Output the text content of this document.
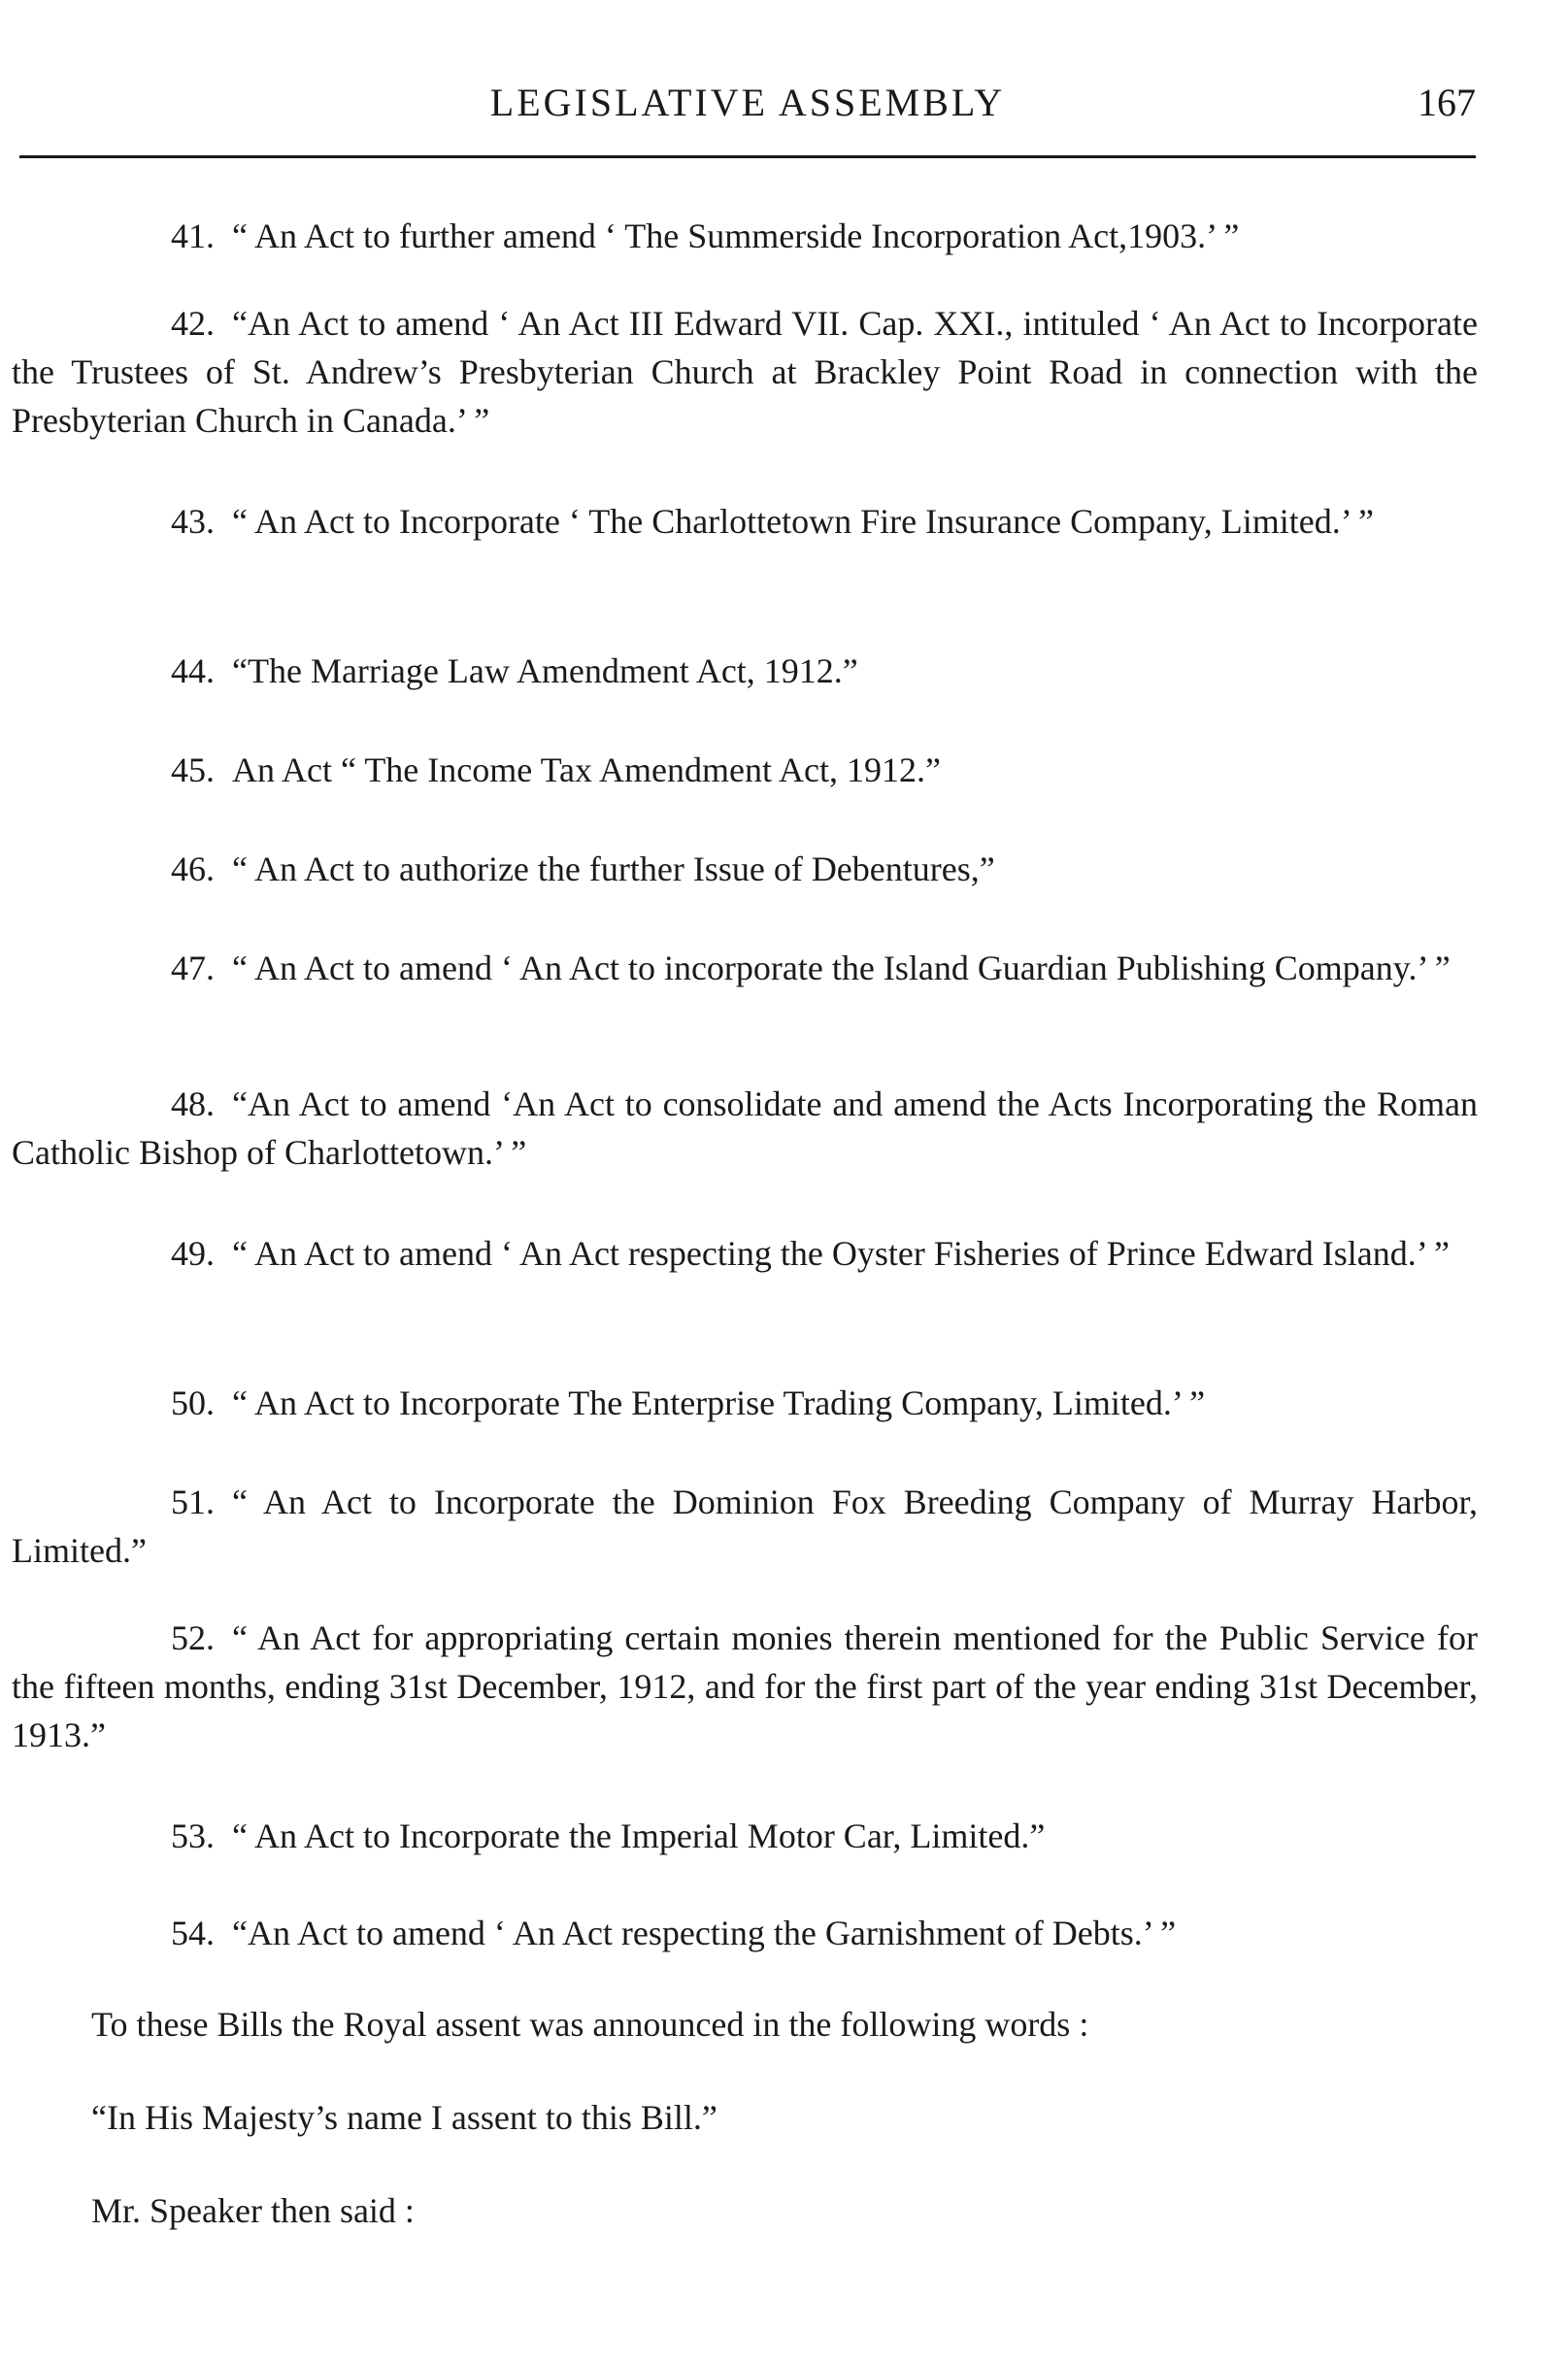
LEGISLATIVE ASSEMBLY	167

41. “ An Act to further amend ‘ The Summerside Incorporation Act,1903.’ ”

42. “An Act to amend ‘ An Act III Edward VII. Cap. XXI., intituled ‘ An Act to Incorporate the Trustees of St. Andrew’s Presbyterian Church at Brackley Point Road in connection with the Presbyterian Church in Canada.’ ”

43. “ An Act to Incorporate ‘ The Charlottetown Fire Insurance Company, Limited.’ ”

44. “The Marriage Law Amendment Act, 1912.”

45. An Act “ The Income Tax Amendment Act, 1912.”

46. “ An Act to authorize the further Issue of Debentures,”

47. “ An Act to amend ‘ An Act to incorporate the Island Guardian Publishing Company.’ ”

48. “An Act to amend ‘An Act to consolidate and amend the Acts Incorporating the Roman Catholic Bishop of Charlottetown.’ ”

49. “ An Act to amend ‘ An Act respecting the Oyster Fisheries of Prince Edward Island.’ ”

50. “ An Act to Incorporate The Enterprise Trading Company, Limited.’ ”

51. “ An Act to Incorporate the Dominion Fox Breeding Company of Murray Harbor, Limited.”

52. “ An Act for appropriating certain monies therein mentioned for the Public Service for the fifteen months, ending 31st December, 1912, and for the first part of the year ending 31st December, 1913.”

53. “ An Act to Incorporate the Imperial Motor Car, Limited.”

54. “An Act to amend ‘ An Act respecting the Garnishment of Debts.’ ”

To these Bills the Royal assent was announced in the following words :

“In His Majesty’s name I assent to this Bill.”

Mr. Speaker then said :
